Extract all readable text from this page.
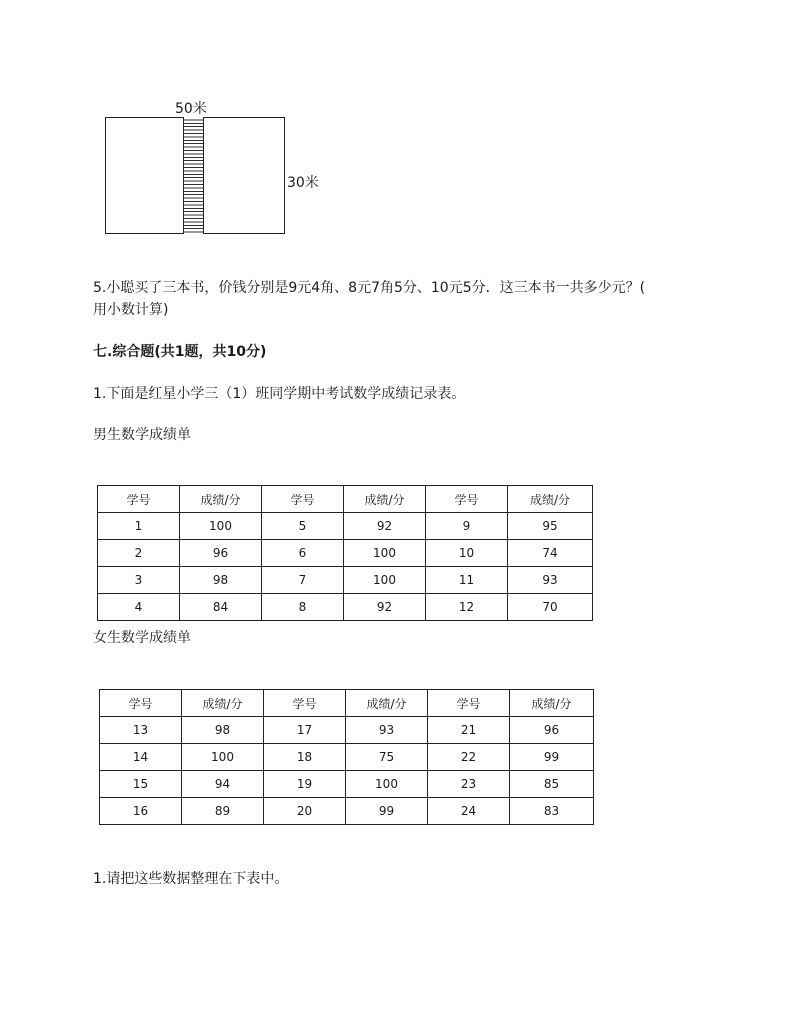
50米
30米
5.小聪买了三本书，价钱分别是9元4角、8元7角5分、10元5分．这三本书一共多少元？(
用小数计算)
七.综合题(共1题，共10分)
1.下面是红星小学三（1）班同学期中考试数学成绩记录表。
男生数学成绩单
学号	成绩/分	学号	成绩/分	学号	成绩/分
1	100	5	92	9	95
2	96	6	100	10	74
3	98	7	100	11	93
4	84	8	92	12	70
女生数学成绩单
学号	成绩/分	学号	成绩/分	学号	成绩/分
13	98	17	93	21	96
14	100	18	75	22	99
15	94	19	100	23	85
16	89	20	99	24	83
1.请把这些数据整理在下表中。
